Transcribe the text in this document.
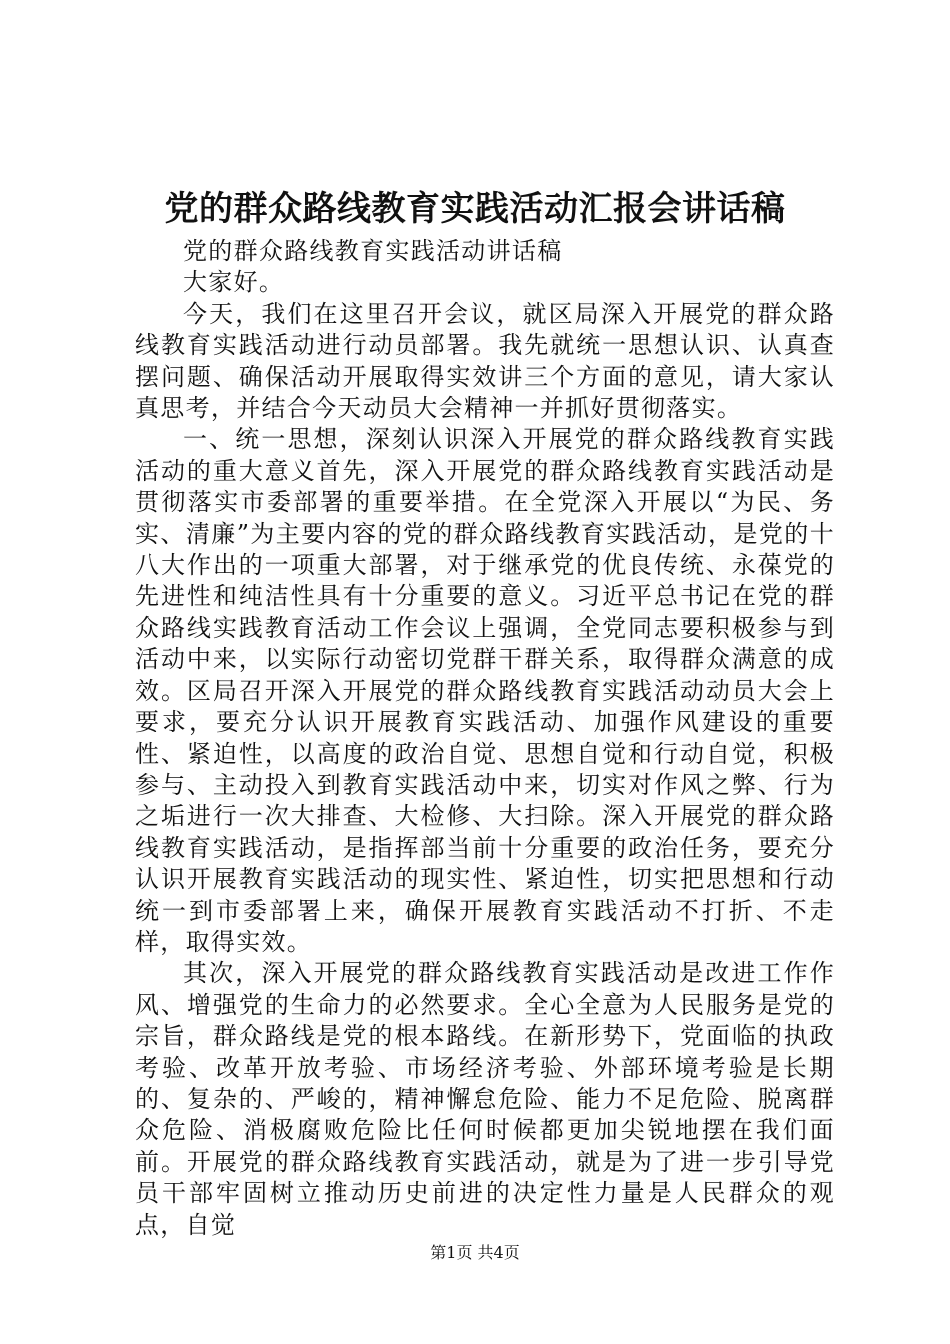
党的群众路线教育实践活动汇报会讲话稿

党的群众路线教育实践活动讲话稿

大家好。

今天，我们在这里召开会议，就区局深入开展党的群众路线教育实践活动进行动员部署。我先就统一思想认识、认真查摆问题、确保活动开展取得实效讲三个方面的意见，请大家认真思考，并结合今天动员大会精神一并抓好贯彻落实。

一、统一思想，深刻认识深入开展党的群众路线教育实践活动的重大意义首先，深入开展党的群众路线教育实践活动是贯彻落实市委部署的重要举措。在全党深入开展以“为民、务实、清廉”为主要内容的党的群众路线教育实践活动，是党的十八大作出的一项重大部署，对于继承党的优良传统、永葆党的先进性和纯洁性具有十分重要的意义。习近平总书记在党的群众路线实践教育活动工作会议上强调，全党同志要积极参与到活动中来，以实际行动密切党群干群关系，取得群众满意的成效。区局召开深入开展党的群众路线教育实践活动动员大会上要求，要充分认识开展教育实践活动、加强作风建设的重要性、紧迫性，以高度的政治自觉、思想自觉和行动自觉，积极参与、主动投入到教育实践活动中来，切实对作风之弊、行为之垢进行一次大排查、大检修、大扫除。深入开展党的群众路线教育实践活动，是指挥部当前十分重要的政治任务，要充分认识开展教育实践活动的现实性、紧迫性，切实把思想和行动统一到市委部署上来，确保开展教育实践活动不打折、不走样，取得实效。

其次，深入开展党的群众路线教育实践活动是改进工作作风、增强党的生命力的必然要求。全心全意为人民服务是党的宗旨，群众路线是党的根本路线。在新形势下，党面临的执政考验、改革开放考验、市场经济考验、外部环境考验是长期的、复杂的、严峻的，精神懈怠危险、能力不足危险、脱离群众危险、消极腐败危险比任何时候都更加尖锐地摆在我们面前。开展党的群众路线教育实践活动，就是为了进一步引导党员干部牢固树立推动历史前进的决定性力量是人民群众的观点，自觉

第1页 共4页
